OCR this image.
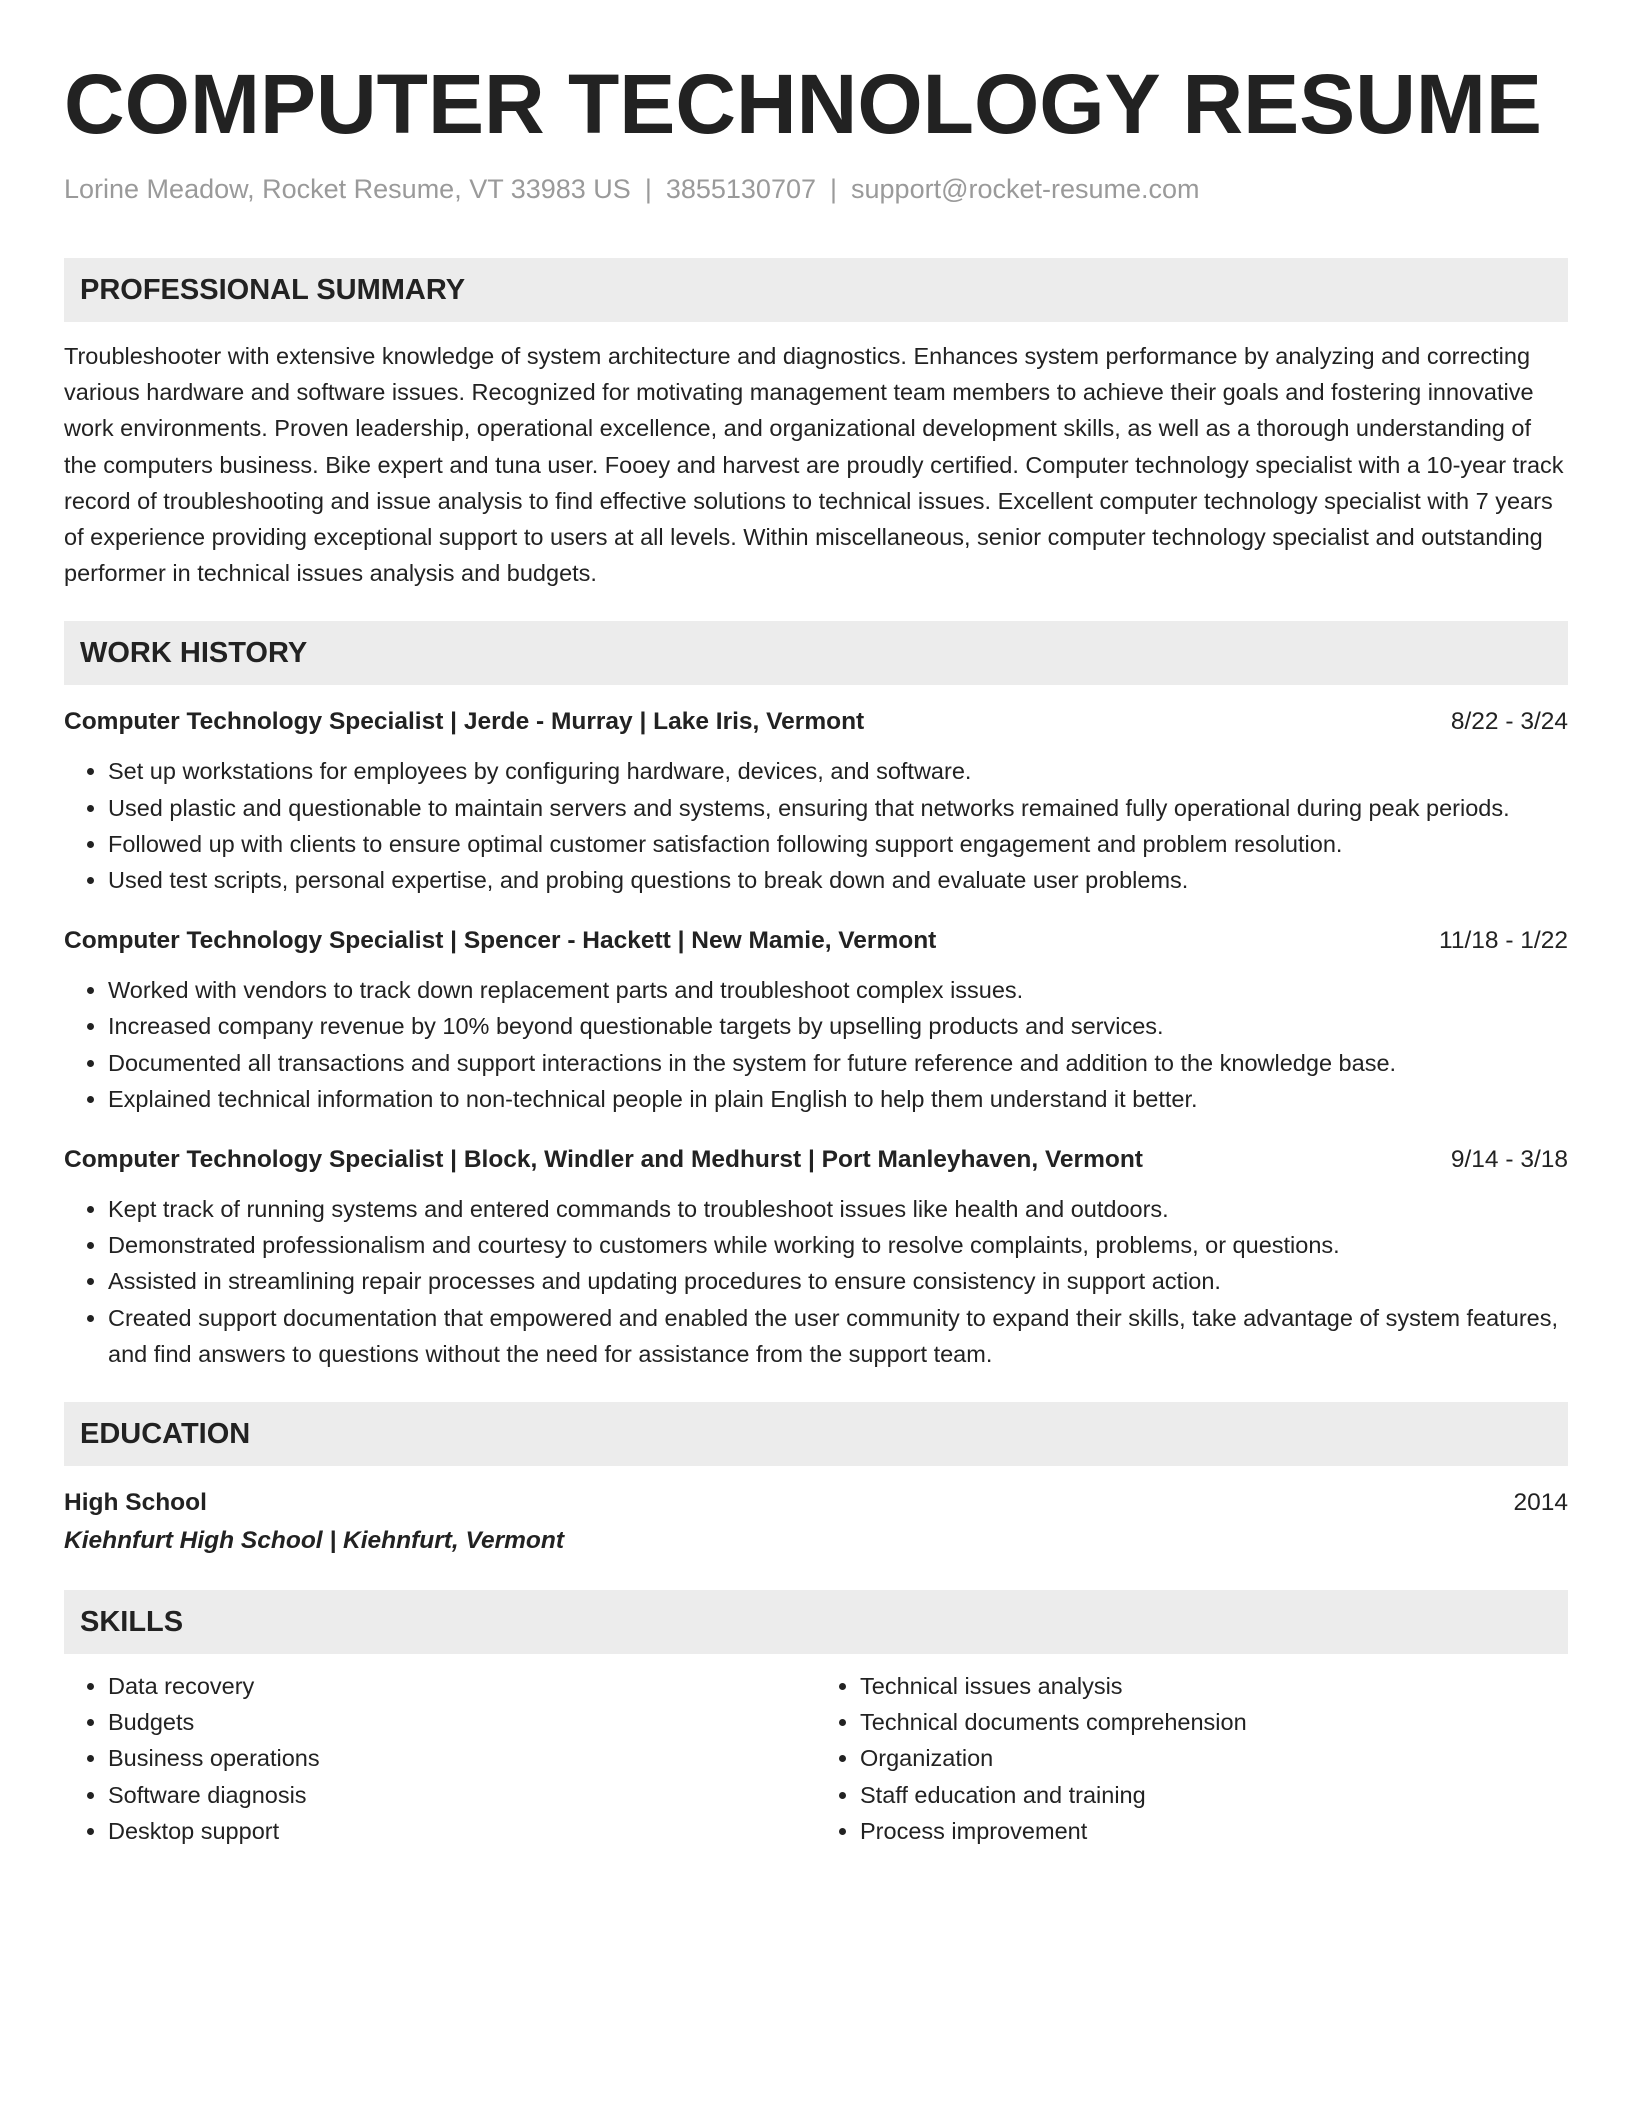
COMPUTER TECHNOLOGY RESUME
Lorine Meadow, Rocket Resume, VT 33983 US | 3855130707 | support@rocket-resume.com
PROFESSIONAL SUMMARY

Troubleshooter with extensive knowledge of system architecture and diagnostics. Enhances system performance by analyzing and correcting various hardware and software issues. Recognized for motivating management team members to achieve their goals and fostering innovative work environments. Proven leadership, operational excellence, and organizational development skills, as well as a thorough understanding of the computers business. Bike expert and tuna user. Fooey and harvest are proudly certified. Computer technology specialist with a 10-year track record of troubleshooting and issue analysis to find effective solutions to technical issues. Excellent computer technology specialist with 7 years of experience providing exceptional support to users at all levels. Within miscellaneous, senior computer technology specialist and outstanding performer in technical issues analysis and budgets.

WORK HISTORY
Computer Technology Specialist | Jerde - Murray | Lake Iris, Vermont	8/22 - 3/24
• Set up workstations for employees by configuring hardware, devices, and software.
• Used plastic and questionable to maintain servers and systems, ensuring that networks remained fully operational during peak periods.
• Followed up with clients to ensure optimal customer satisfaction following support engagement and problem resolution.
• Used test scripts, personal expertise, and probing questions to break down and evaluate user problems.
Computer Technology Specialist | Spencer - Hackett | New Mamie, Vermont	11/18 - 1/22
• Worked with vendors to track down replacement parts and troubleshoot complex issues.
• Increased company revenue by 10% beyond questionable targets by upselling products and services.
• Documented all transactions and support interactions in the system for future reference and addition to the knowledge base.
• Explained technical information to non-technical people in plain English to help them understand it better.
Computer Technology Specialist | Block, Windler and Medhurst | Port Manleyhaven, Vermont	9/14 - 3/18
• Kept track of running systems and entered commands to troubleshoot issues like health and outdoors.
• Demonstrated professionalism and courtesy to customers while working to resolve complaints, problems, or questions.
• Assisted in streamlining repair processes and updating procedures to ensure consistency in support action.
• Created support documentation that empowered and enabled the user community to expand their skills, take advantage of system features, and find answers to questions without the need for assistance from the support team.
EDUCATION
High School	2014
Kiehnfurt High School | Kiehnfurt, Vermont
SKILLS
• Data recovery
• Budgets
• Business operations
• Software diagnosis
• Desktop support
• Technical issues analysis
• Technical documents comprehension
• Organization
• Staff education and training
• Process improvement
